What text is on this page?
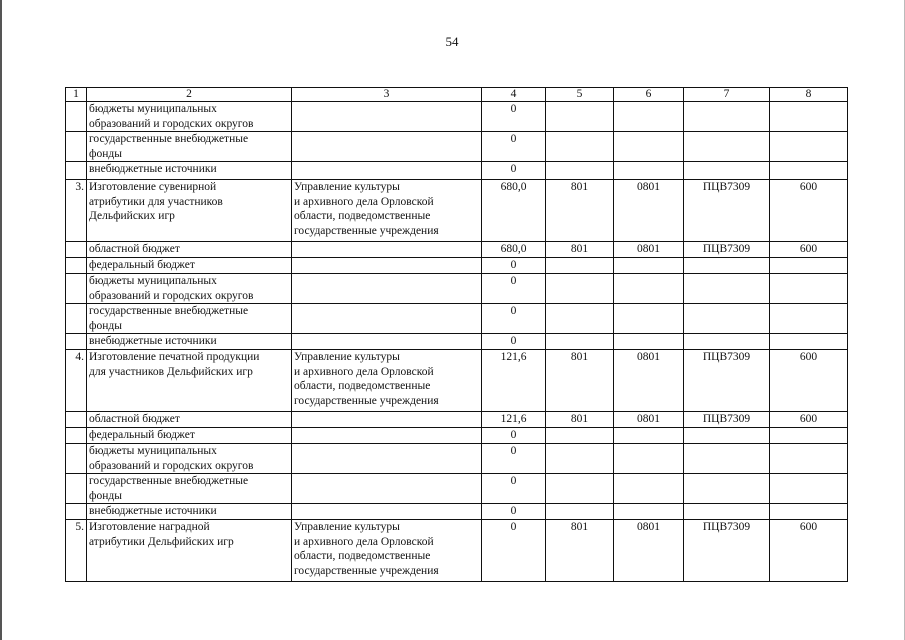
54
1	2	3	4	5	6	7	8
	бюджеты муниципальных
образований и городских округов		0				
	государственные внебюджетные
фонды		0				
	внебюджетные источники		0				
3.	Изготовление сувенирной
атрибутики для участников
Дельфийских игр	Управление культуры
и архивного дела Орловской
области, подведомственные
государственные учреждения	680,0	801	0801	ПЦВ7309	600
	областной бюджет		680,0	801	0801	ПЦВ7309	600
	федеральный бюджет		0				
	бюджеты муниципальных
образований и городских округов		0				
	государственные внебюджетные
фонды		0				
	внебюджетные источники		0				
4.	Изготовление печатной продукции
для участников Дельфийских игр	Управление культуры
и архивного дела Орловской
области, подведомственные
государственные учреждения	121,6	801	0801	ПЦВ7309	600
	областной бюджет		121,6	801	0801	ПЦВ7309	600
	федеральный бюджет		0				
	бюджеты муниципальных
образований и городских округов		0				
	государственные внебюджетные
фонды		0				
	внебюджетные источники		0				
5.	Изготовление наградной
атрибутики Дельфийских игр	Управление культуры
и архивного дела Орловской
области, подведомственные
государственные учреждения	0	801	0801	ПЦВ7309	600
